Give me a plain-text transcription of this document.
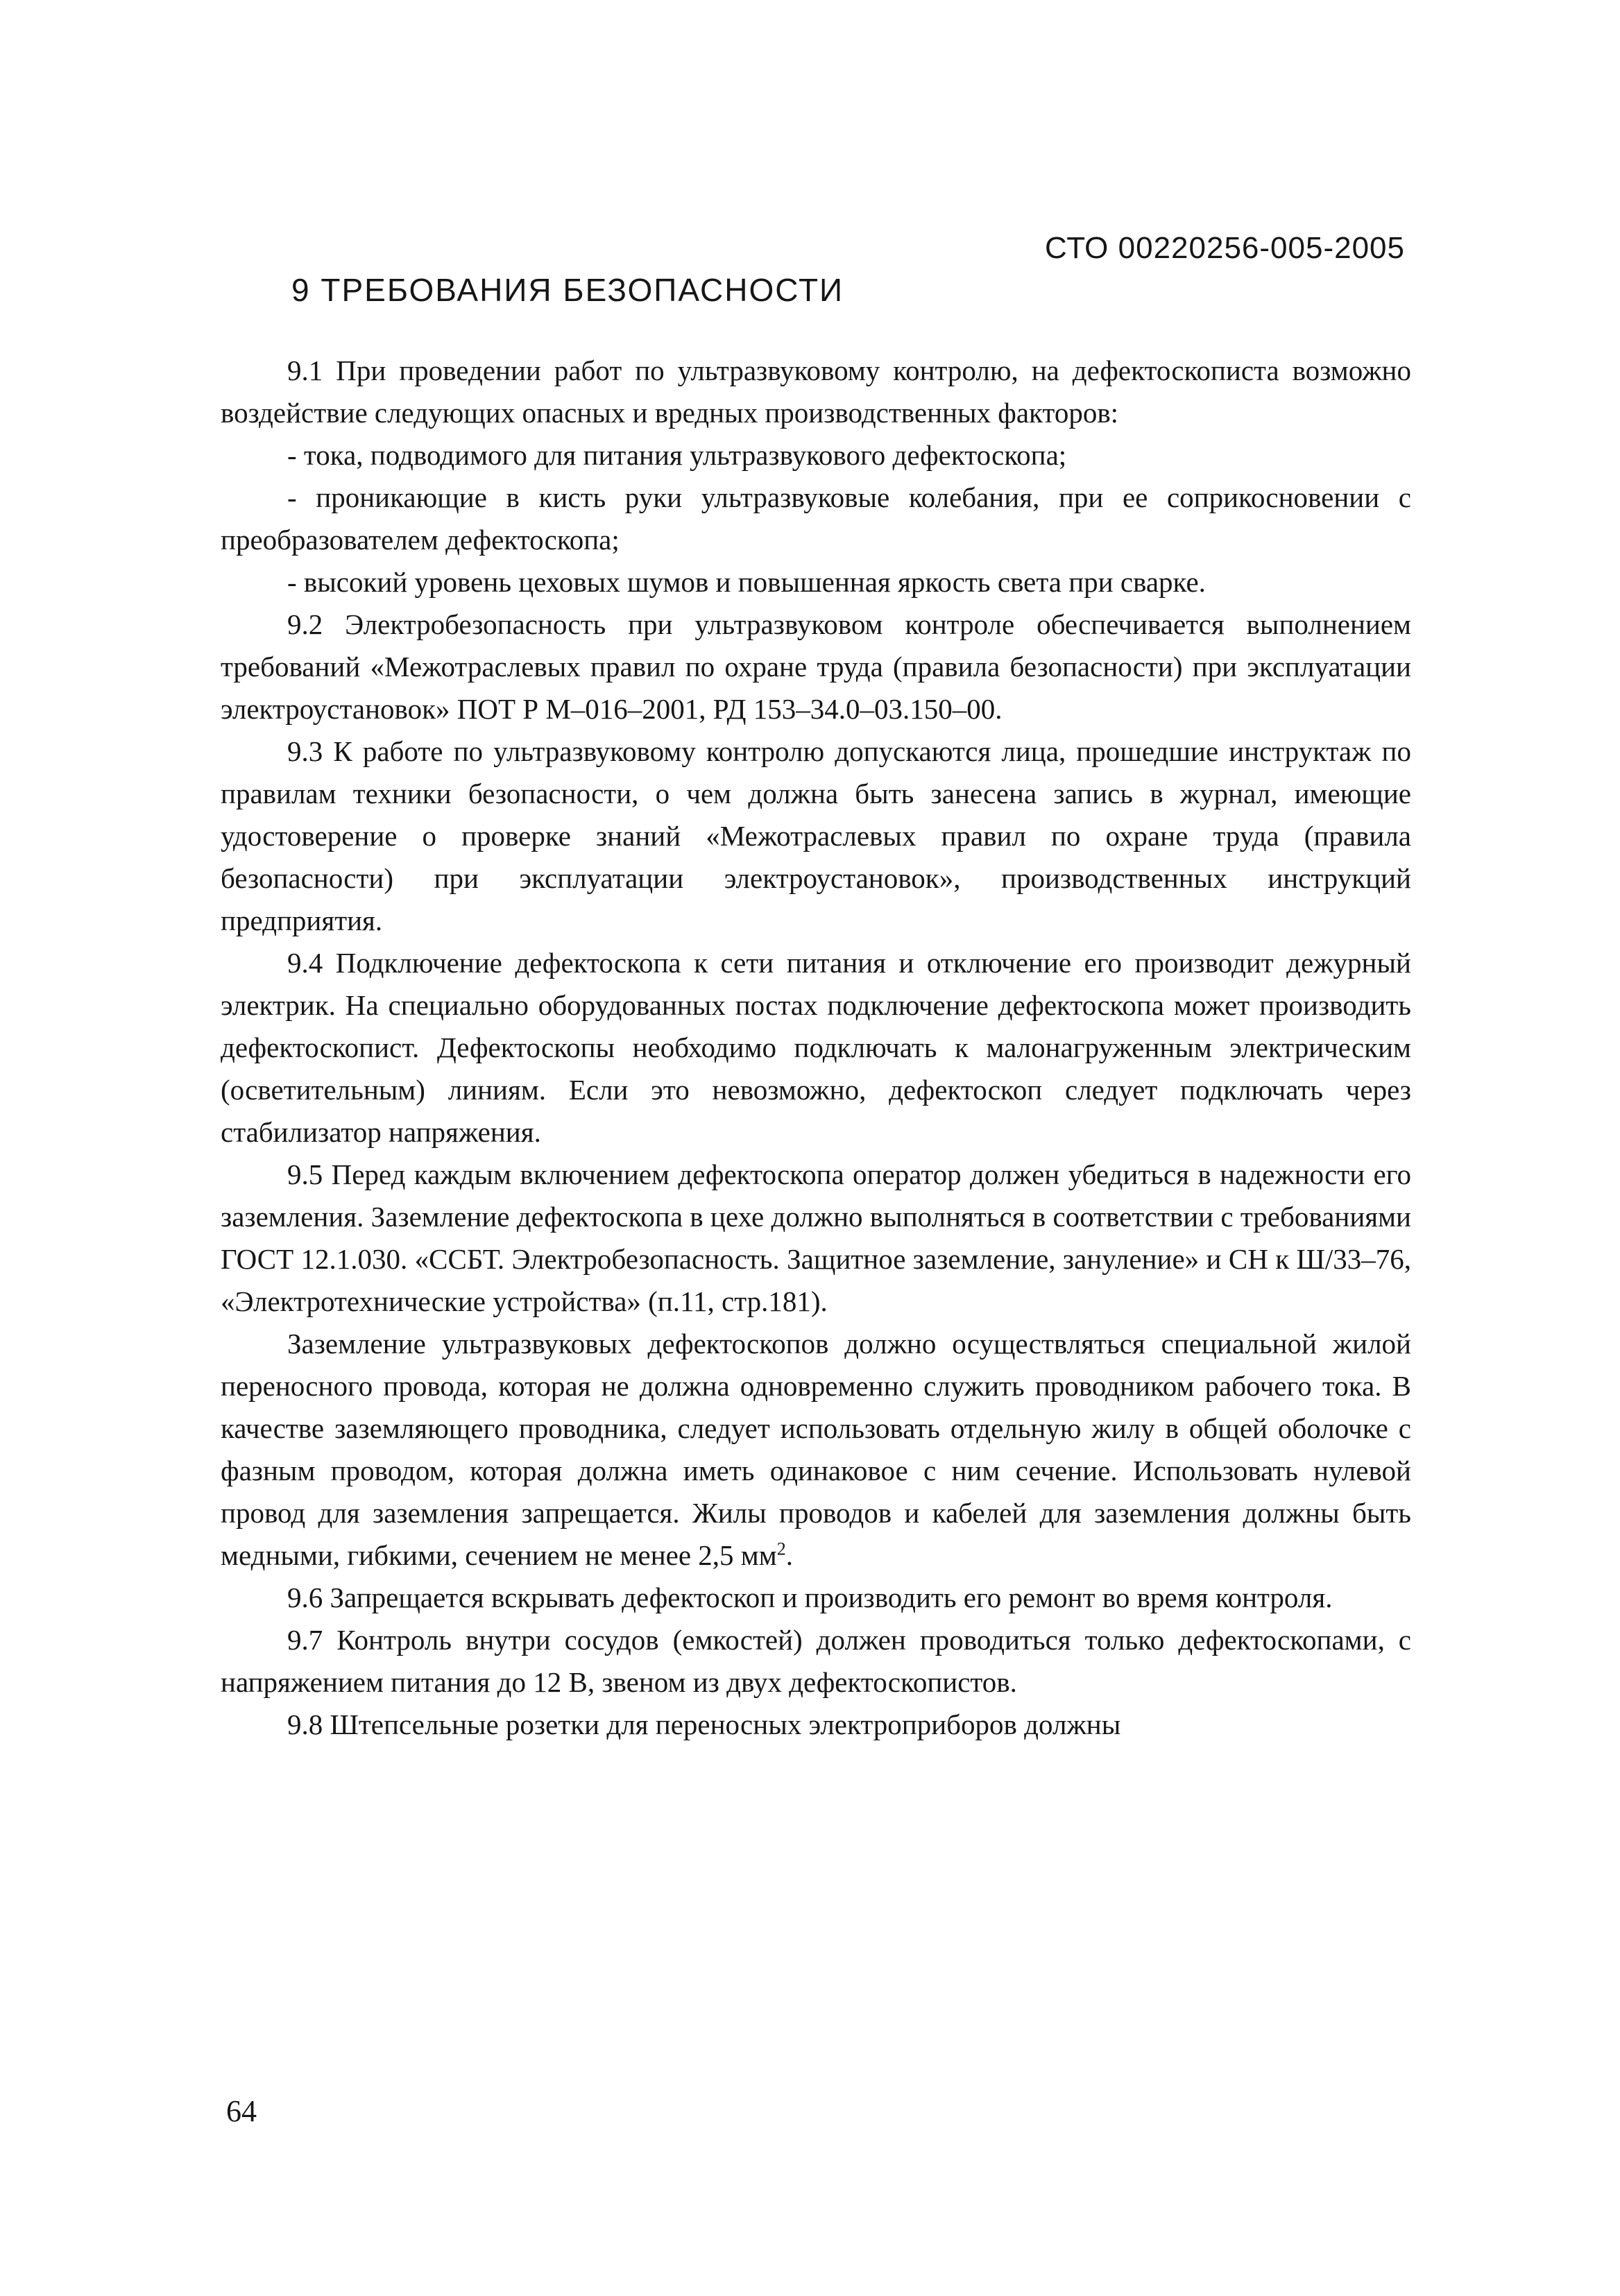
СТО 00220256-005-2005
9 ТРЕБОВАНИЯ БЕЗОПАСНОСТИ

9.1 При проведении работ по ультразвуковому контролю, на дефектоскописта возможно воздействие следующих опасных и вредных производственных факторов:

- тока, подводимого для питания ультразвукового дефектоскопа;

- проникающие в кисть руки ультразвуковые колебания, при ее соприкосновении с преобразователем дефектоскопа;

- высокий уровень цеховых шумов и повышенная яркость света при сварке.

9.2 Электробезопасность при ультразвуковом контроле обеспечивается выполнением требований «Межотраслевых правил по охране труда (правила безопасности) при эксплуатации электроустановок» ПОТ Р М–016–2001, РД 153–34.0–03.150–00.

9.3 К работе по ультразвуковому контролю допускаются лица, прошедшие инструктаж по правилам техники безопасности, о чем должна быть занесена запись в журнал, имеющие удостоверение о проверке знаний «Межотраслевых правил по охране труда (правила безопасности) при эксплуатации электроустановок», производственных инструкций предприятия.

9.4 Подключение дефектоскопа к сети питания и отключение его производит дежурный электрик. На специально оборудованных постах подключение дефектоскопа может производить дефектоскопист. Дефектоскопы необходимо подключать к малонагруженным электрическим (осветительным) линиям. Если это невозможно, дефектоскоп следует подключать через стабилизатор напряжения.

9.5 Перед каждым включением дефектоскопа оператор должен убедиться в надежности его заземления. Заземление дефектоскопа в цехе должно выполняться в соответствии с требованиями ГОСТ 12.1.030. «ССБТ. Электробезопасность. Защитное заземление, зануление» и СН к Ш/33–76, «Электротехнические устройства» (п.11, стр.181).

Заземление ультразвуковых дефектоскопов должно осуществляться специальной жилой переносного провода, которая не должна одновременно служить проводником рабочего тока. В качестве заземляющего проводника, следует использовать отдельную жилу в общей оболочке с фазным проводом, которая должна иметь одинаковое с ним сечение. Использовать нулевой провод для заземления запрещается. Жилы проводов и кабелей для заземления должны быть медными, гибкими, сечением не менее 2,5 $мм^2$.

9.6 Запрещается вскрывать дефектоскоп и производить его ремонт во время контроля.

9.7 Контроль внутри сосудов (емкостей) должен проводиться только дефектоскопами, с напряжением питания до 12 В, звеном из двух дефектоскопистов.

9.8 Штепсельные розетки для переносных электроприборов должны

64
